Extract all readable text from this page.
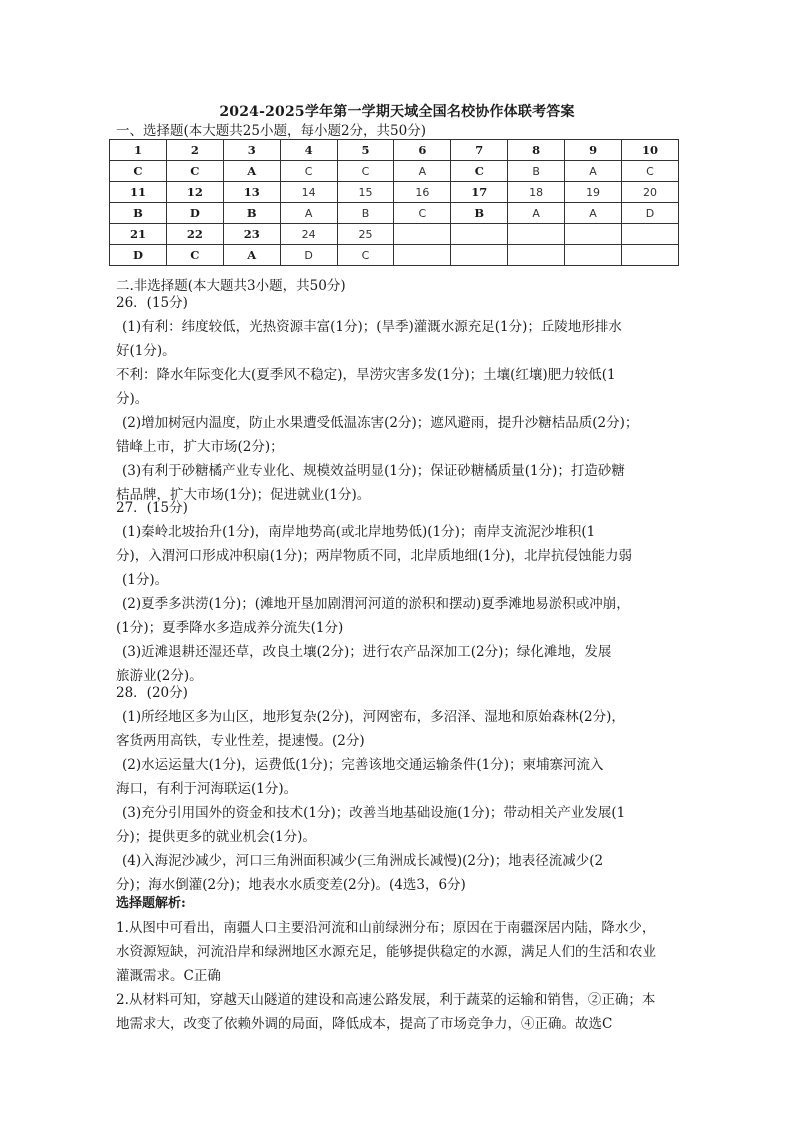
2024-2025学年第一学期天域全国名校协作体联考答案
一、选择题(本大题共25小题，每小题2分，共50分)
1	2	3	4	5	6	7	8	9	10
C	C	A	C	C	A	C	B	A	C
11	12	13	14	15	16	17	18	19	20
B	D	B	A	B	C	B	A	A	D
21	22	23	24	25					
D	C	A	D	C					
二.非选择题(本大题共3小题，共50分)
26．(15分)
(1)有利：纬度较低，光热资源丰富(1分)；(旱季)灌溉水源充足(1分)；丘陵地形排水
好(1分)。
不利：降水年际变化大(夏季风不稳定)，旱涝灾害多发(1分)；土壤(红壤)肥力较低(1
分)。
(2)增加树冠内温度，防止水果遭受低温冻害(2分)；遮风避雨，提升沙糖桔品质(2分)；
错峰上市，扩大市场(2分)；
(3)有利于砂糖橘产业专业化、规模效益明显(1分)；保证砂糖橘质量(1分)；打造砂糖
桔品牌，扩大市场(1分)；促进就业(1分)。
27．(15分)
(1)秦岭北坡抬升(1分)，南岸地势高(或北岸地势低)(1分)；南岸支流泥沙堆积(1
分)，入渭河口形成冲积扇(1分)；两岸物质不同，北岸质地细(1分)，北岸抗侵蚀能力弱
(1分)。
(2)夏季多洪涝(1分)；(滩地开垦加剧渭河河道的淤积和摆动)夏季滩地易淤积或冲崩，
(1分)；夏季降水多造成养分流失(1分)
(3)近滩退耕还湿还草，改良土壤(2分)；进行农产品深加工(2分)；绿化滩地，发展
旅游业(2分)。
28．(20分)
(1)所经地区多为山区，地形复杂(2分)，河网密布，多沼泽、湿地和原始森林(2分)，
客货两用高铁，专业性差，提速慢。(2分)
(2)水运运量大(1分)，运费低(1分)；完善该地交通运输条件(1分)；柬埔寨河流入
海口，有利于河海联运(1分)。
(3)充分引用国外的资金和技术(1分)；改善当地基础设施(1分)；带动相关产业发展(1
分)；提供更多的就业机会(1分)。
(4)入海泥沙减少，河口三角洲面积减少(三角洲成长减慢)(2分)；地表径流减少(2
分)；海水倒灌(2分)；地表水水质变差(2分)。(4选3，6分)
选择题解析:
1.从图中可看出，南疆人口主要沿河流和山前绿洲分布；原因在于南疆深居内陆，降水少，
水资源短缺，河流沿岸和绿洲地区水源充足，能够提供稳定的水源，满足人们的生活和农业
灌溉需求。C正确
2.从材料可知，穿越天山隧道的建设和高速公路发展，利于蔬菜的运输和销售，②正确；本
地需求大，改变了依赖外调的局面，降低成本，提高了市场竞争力，④正确。故选C
